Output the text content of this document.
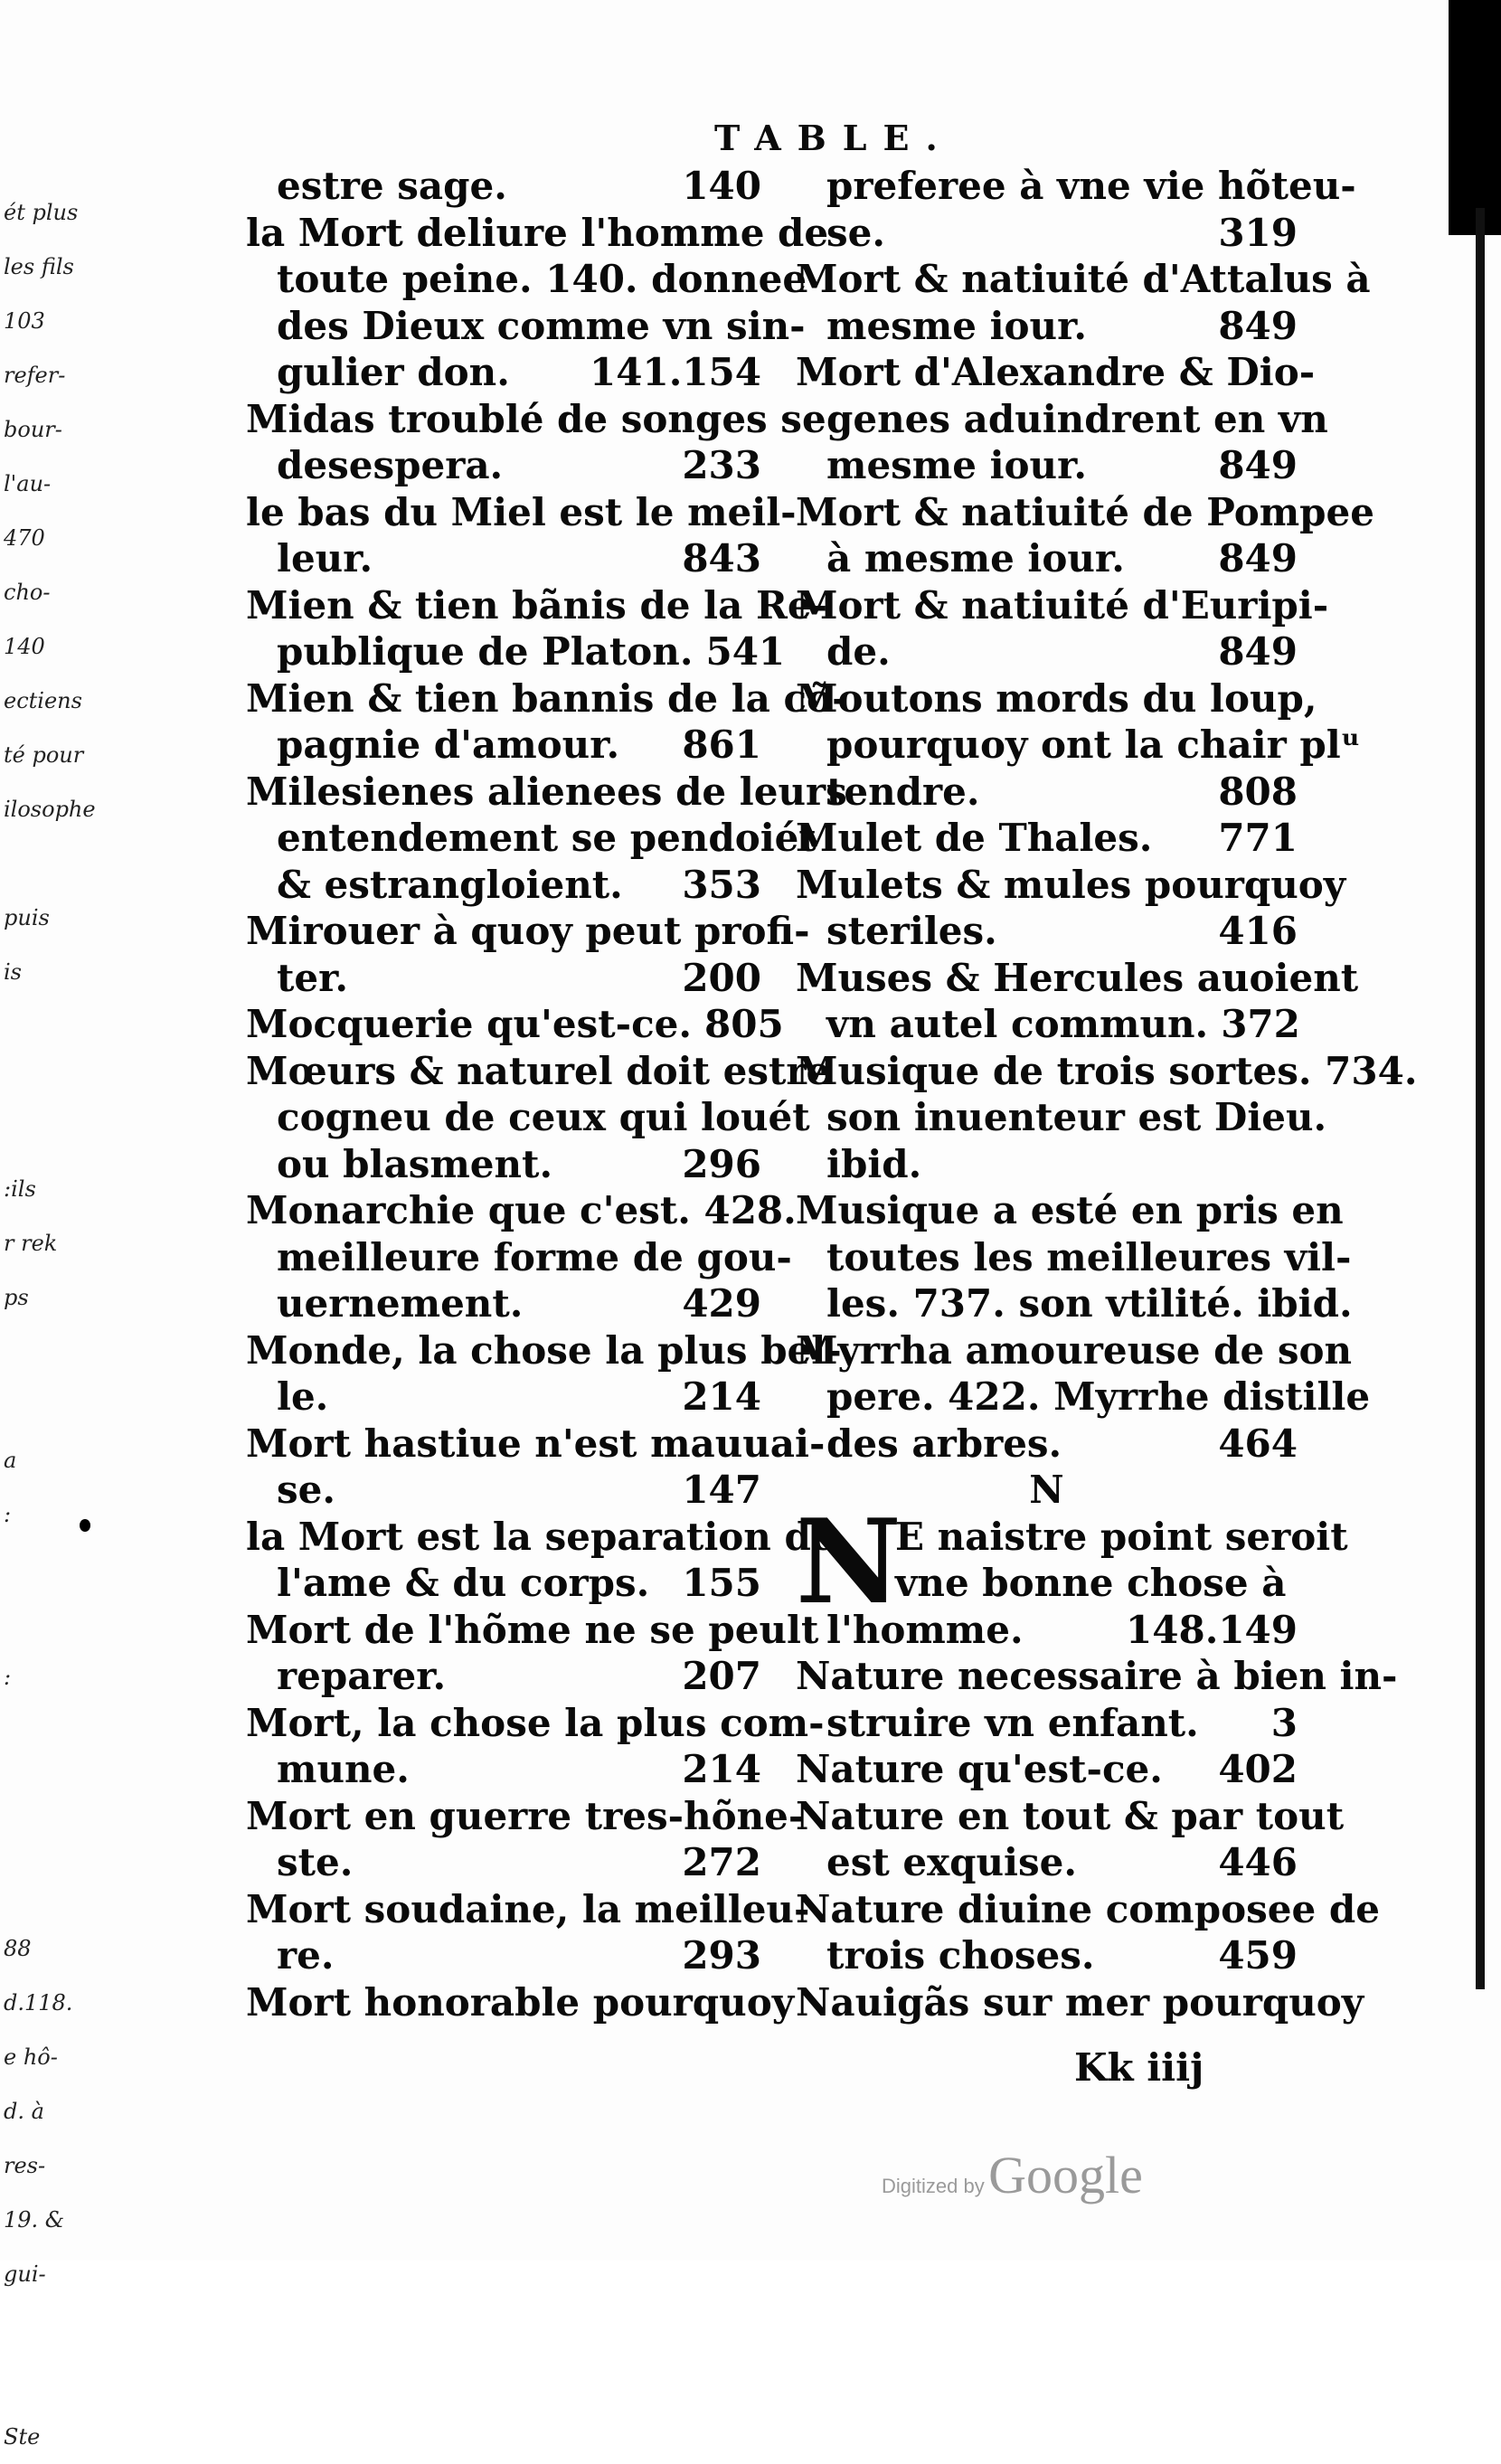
ét plus
les fils
103
refer-
bour-
l'au-
470
cho-
140
ectiens
té pour
ilosophe
puis
is
:ils
r rek
ps
a
:
:
88
d.118.
e hô-
d. à
res-
19. &
gui-
Ste
TABLE.
estre sage.	140
la Mort deliure l'homme de
toute peine. 140. donnee
des Dieux comme vn sin-
gulier don.	141.154
Midas troublé de songes se
desespera.	233
le bas du Miel est le meil-
leur.	843
Mien & tien bãnis de la Re-
publique de Platon. 541
Mien & tien bannis de la cõ-
pagnie d'amour.	861
Milesienes alienees de leurs
entendement se pendoiét
& estrangloient.	353
Mirouer à quoy peut profi-
ter.	200
Mocquerie qu'est-ce. 805
Mœurs & naturel doit estre
cogneu de ceux qui louét
ou blasment.	296
Monarchie que c'est. 428.
meilleure forme de gou-
uernement.	429
Monde, la chose la plus bel-
le.	214
Mort hastiue n'est mauuai-
se.	147
la Mort est la separation de
l'ame & du corps. 155
Mort de l'hõme ne se peult
reparer.	207
Mort, la chose la plus com-
mune.	214
Mort en guerre tres-hõne-
ste.	272
Mort soudaine, la meilleu-
re.	293
Mort honorable pourquoy
preferee à vne vie hõteu-
se.	319
Mort & natiuité d'Attalus à
mesme iour.	849
Mort d'Alexandre & Dio-
genes aduindrent en vn
mesme iour.	849
Mort & natiuité de Pompee
à mesme iour.	849
Mort & natiuité d'Euripi-
de.	849
Moutons mords du loup,
pourquoy ont la chair plᵘ
tendre.	808
Mulet de Thales.	771
Mulets & mules pourquoy
steriles.	416
Muses & Hercules auoient
vn autel commun. 372
Musique de trois sortes. 734.
son inuenteur est Dieu.
ibid.
Musique a esté en pris en
toutes les meilleures vil-
les. 737. son vtilité. ibid.
Myrrha amoureuse de son
pere. 422. Myrrhe distille
des arbres.	464
N
N
E naistre point seroit
vne bonne chose à
l'homme.	148.149
Nature necessaire à bien in-
struire vn enfant.	3
Nature qu'est-ce.	402
Nature en tout & par tout
est exquise.	446
Nature diuine composee de
trois choses.	459
Nauigãs sur mer pourquoy
Kk iiij
Digitized by Google
